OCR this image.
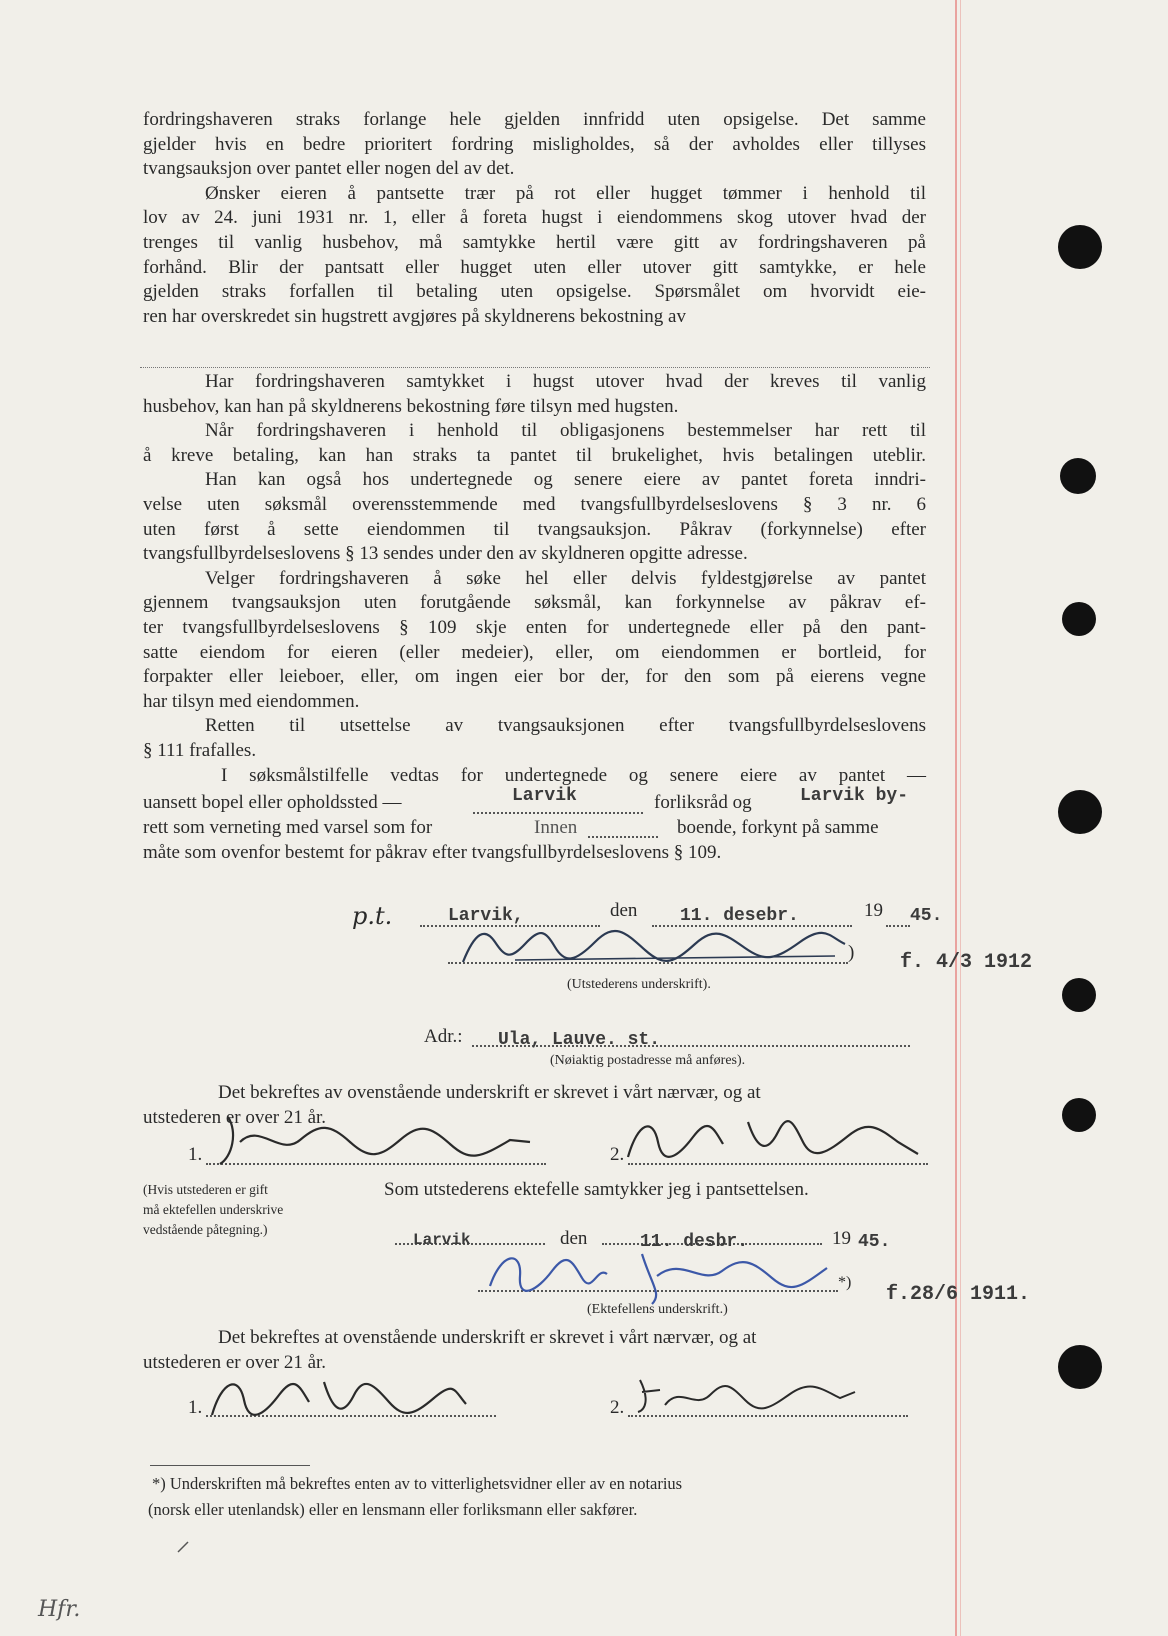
fordringshaveren straks forlange hele gjelden innfridd uten opsigelse. Det samme
gjelder hvis en bedre prioritert fordring misligholdes, så der avholdes eller tillyses
tvangsauksjon over pantet eller nogen del av det.
Ønsker eieren å pantsette trær på rot eller hugget tømmer i henhold til
lov av 24. juni 1931 nr. 1, eller å foreta hugst i eiendommens skog utover hvad der
trenges til vanlig husbehov, må samtykke hertil være gitt av fordringshaveren på
forhånd. Blir der pantsatt eller hugget uten eller utover gitt samtykke, er hele
gjelden straks forfallen til betaling uten opsigelse. Spørsmålet om hvorvidt eie-
ren har overskredet sin hugstrett avgjøres på skyldnerens bekostning av
Har fordringshaveren samtykket i hugst utover hvad der kreves til vanlig
husbehov, kan han på skyldnerens bekostning føre tilsyn med hugsten.
Når fordringshaveren i henhold til obligasjonens bestemmelser har rett til
å kreve betaling, kan han straks ta pantet til brukelighet, hvis betalingen uteblir.
Han kan også hos undertegnede og senere eiere av pantet foreta inndri-
velse uten søksmål overensstemmende med tvangsfullbyrdelseslovens § 3 nr. 6
uten først å sette eiendommen til tvangsauksjon. Påkrav (forkynnelse) efter
tvangsfullbyrdelseslovens § 13 sendes under den av skyldneren opgitte adresse.
Velger fordringshaveren å søke hel eller delvis fyldestgjørelse av pantet
gjennem tvangsauksjon uten forutgående søksmål, kan forkynnelse av påkrav ef-
ter tvangsfullbyrdelseslovens § 109 skje enten for undertegnede eller på den pant-
satte eiendom for eieren (eller medeier), eller, om eiendommen er bortleid, for
forpakter eller leieboer, eller, om ingen eier bor der, for den som på eierens vegne
har tilsyn med eiendommen.
Retten til utsettelse av tvangsauksjonen efter tvangsfullbyrdelseslovens
§ 111 frafalles.
I søksmålstilfelle vedtas for undertegnede og senere eiere av pantet —
uansett bopel eller opholdssted —	Larvik	forliksråd og	Larvik by-
rett som verneting med varsel som for	Innen	boende, forkynt på samme
måte som ovenfor bestemt for påkrav efter tvangsfullbyrdelseslovens § 109.
p.t.	Larvik,	den 11. desebr.	19 45.
) f. 4/3 1912
(Utstederens underskrift).
Adr.: Ula, Lauve. st.
(Nøiaktig postadresse må anføres).
Det bekreftes av ovenstående underskrift er skrevet i vårt nærvær, og at
utstederen er over 21 år.
1.	2.
(Hvis utstederen er gift
må ektefellen underskrive
vedstående påtegning.)
Som utstederens ektefelle samtykker jeg i pantsettelsen.
Larvik	den	11. desbr.	19 45.
*)
f.28/6 1911.
(Ektefellens underskrift.)
Det bekreftes at ovenstående underskrift er skrevet i vårt nærvær, og at
utstederen er over 21 år.
1.	2.
*) Underskriften må bekreftes enten av to vitterlighetsvidner eller av en notarius
(norsk eller utenlandsk) eller en lensmann eller forliksmann eller sakfører.
Hfr.
